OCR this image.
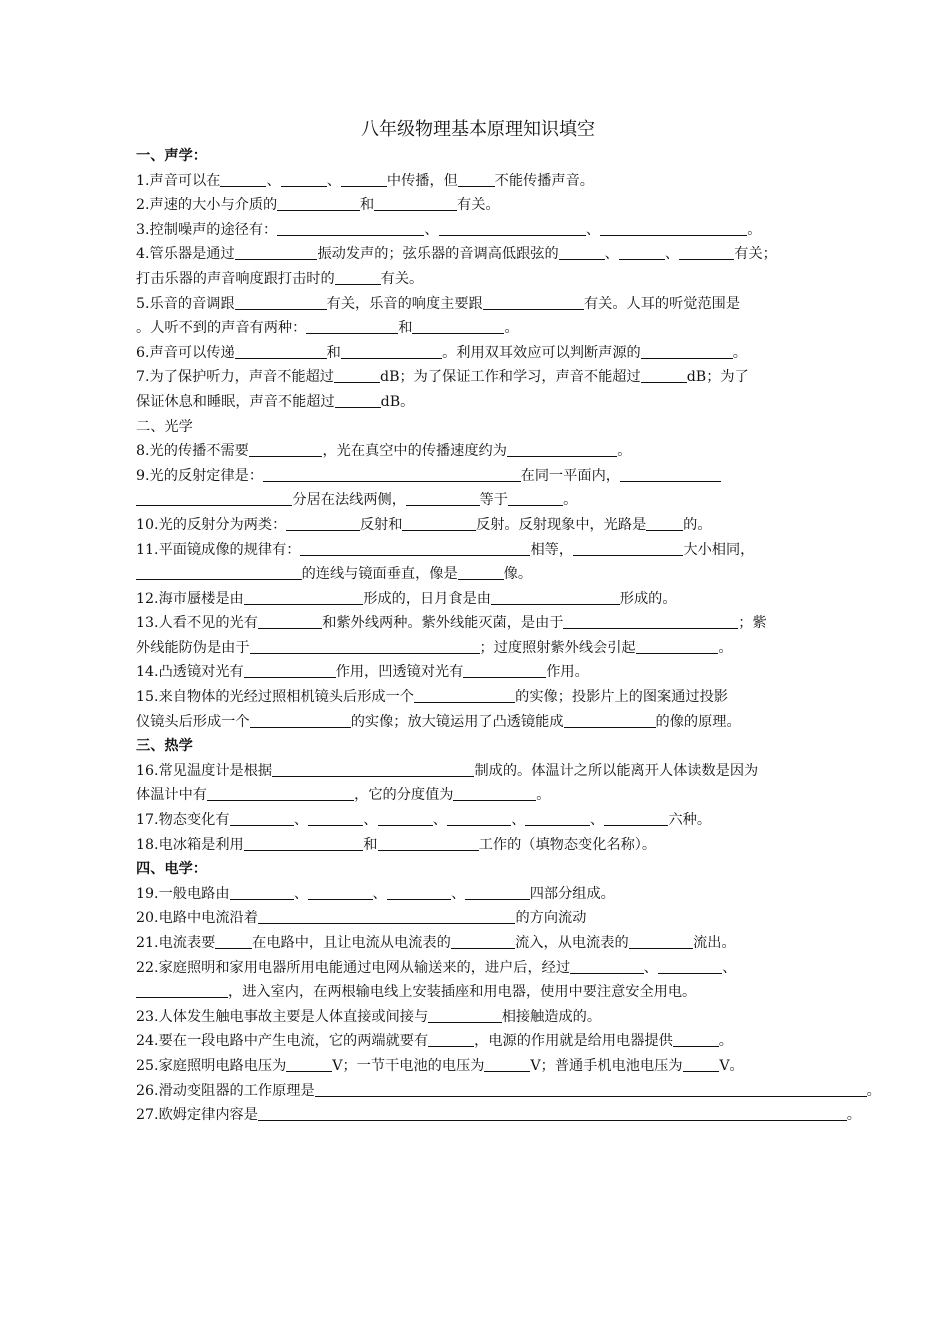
八年级物理基本原理知识填空
一、声学：
1.声音可以在	、	、	中传播，但	不能传播声音。
2.声速的大小与介质的	和	有关。
3.控制噪声的途径有：	、	、	。
4.管乐器是通过	振动发声的；弦乐器的音调高低跟弦的	、	、	有关；
打击乐器的声音响度跟打击时的	有关。
5.乐音的音调跟	有关，乐音的响度主要跟	有关。人耳的听觉范围是
。人听不到的声音有两种：	和	。
6.声音可以传递	和	。利用双耳效应可以判断声源的	。
7.为了保护听力，声音不能超过	dB；为了保证工作和学习，声音不能超过	dB；为了
保证休息和睡眠，声音不能超过	dB。
二、光学
8.光的传播不需要	，光在真空中的传播速度约为	。
9.光的反射定律是：	在同一平面内，
分居在法线两侧，	等于	。
10.光的反射分为两类：	反射和	反射。反射现象中，光路是	的。
11.平面镜成像的规律有：	相等，	大小相同，
的连线与镜面垂直，像是	像。
12.海市蜃楼是由	形成的，日月食是由	形成的。
13.人看不见的光有	和紫外线两种。紫外线能灭菌，是由于	；紫
外线能防伪是由于	；过度照射紫外线会引起	。
14.凸透镜对光有	作用，凹透镜对光有	作用。
15.来自物体的光经过照相机镜头后形成一个	的实像；投影片上的图案通过投影
仪镜头后形成一个	的实像；放大镜运用了凸透镜能成	的像的原理。
三、热学
16.常见温度计是根据	制成的。体温计之所以能离开人体读数是因为
体温计中有	，它的分度值为	。
17.物态变化有	、	、	、	、	、	六种。
18.电冰箱是利用	和	工作的（填物态变化名称）。
四、电学：
19.一般电路由	、	、	、	四部分组成。
20.电路中电流沿着	的方向流动
21.电流表要	在电路中，且让电流从电流表的	流入，从电流表的	流出。
22.家庭照明和家用电器所用电能通过电网从输送来的，进户后，经过	、	、
，进入室内，在两根输电线上安装插座和用电器，使用中要注意安全用电。
23.人体发生触电事故主要是人体直接或间接与	相接触造成的。
24.要在一段电路中产生电流，它的两端就要有	，电源的作用就是给用电器提供	。
25.家庭照明电路电压为	V；一节干电池的电压为	V；普通手机电池电压为	V。
26.滑动变阻器的工作原理是	。
27.欧姆定律内容是	。
